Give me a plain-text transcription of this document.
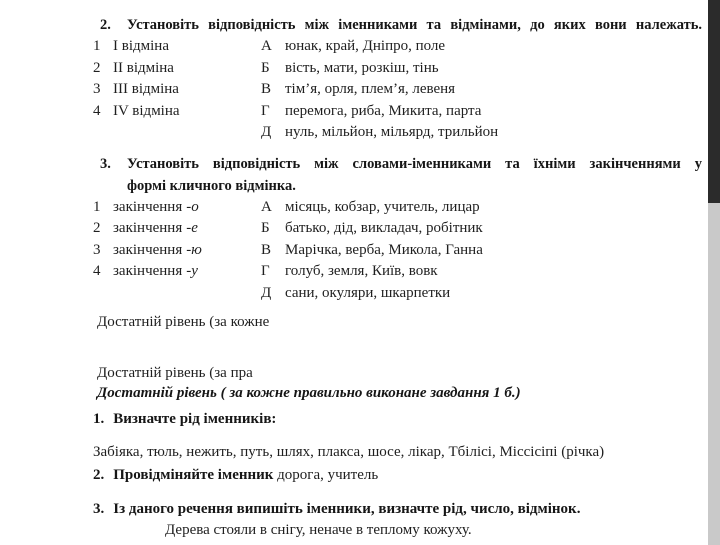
2.	Установіть відповідність між іменниками та відмінами, до яких вони належать.
1 I відміна	А юнак, край, Дніпро, поле
2 II відміна	Б	вість, мати, розкіш, тінь
3 III відміна	В тім’я, орля, плем’я, левеня
4 IV відміна	Г	перемога, риба, Микита, парта
Д нуль, мільйон, мільярд, трильйон
3.	Установіть відповідність між словами-іменниками та їхніми закінченнями у
формі кличного відмінка.
1 закінчення -о	А місяць, кобзар, учитель, лицар
2 закінчення -е	Б	батько, дід, викладач, робітник
3 закінчення -ю	В Марічка, верба, Микола, Ганна
4 закінчення -у	Г	голуб, земля, Київ, вовк
Д сани, окуляри, шкарпетки
Достатній рівень (за кожне
Достатній рівень (за пра
Достатній рівень ( за кожне правильно виконане завдання 1 б.)
1. Визначте рід іменників:
Забіяка, тюль, нежить, путь, шлях, плакса, шосе, лікар, Тбілісі, Міссісіпі (річка)
2. Провідміняйте іменник дорога, учитель
3. Із даного речення випишіть іменники, визначте рід, число, відмінок.
Дерева стояли в снігу, неначе в теплому кожуху.
